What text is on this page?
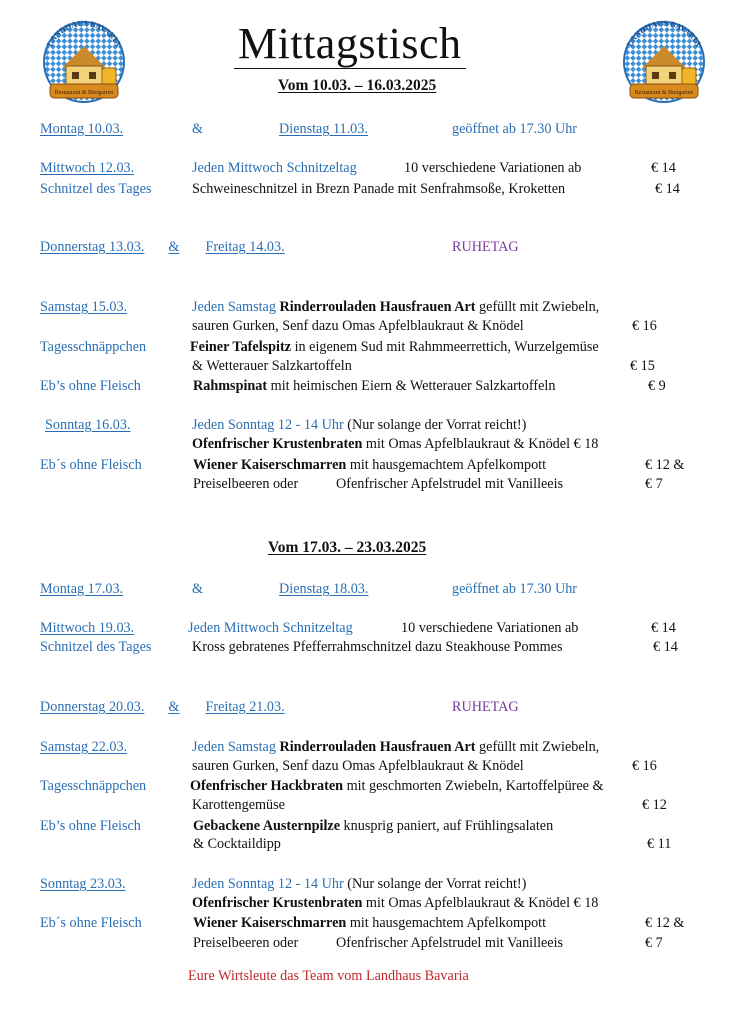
Restaurant & Biergarten
LANDHAUS BAVARIA
Restaurant & Biergarten
LANDHAUS BAVARIA
Mittagstisch
Vom 10.03. – 16.03.2025
Montag 10.03.	&	Dienstag 11.03.	geöffnet ab 17.30 Uhr
Mittwoch 12.03.	Jeden Mittwoch Schnitzeltag	10 verschiedene Variationen ab	€ 14
Schnitzel des Tages	Schweineschnitzel in Brezn Panade mit Senfrahmsoße, Kroketten	€ 14
Donnerstag 13.03. & Freitag 14.03.	RUHETAG
Samstag 15.03.	Jeden Samstag Rinderrouladen Hausfrauen Art gefüllt mit Zwiebeln,
sauren Gurken, Senf dazu Omas Apfelblaukraut & Knödel	€ 16
Tagesschnäppchen	Feiner Tafelspitz in eigenem Sud mit Rahmmeerrettich, Wurzelgemüse
& Wetterauer Salzkartoffeln	€ 15
Eb’s ohne Fleisch	Rahmspinat mit heimischen Eiern & Wetterauer Salzkartoffeln	€ 9
Sonntag 16.03.	Jeden Sonntag 12 - 14 Uhr (Nur solange der Vorrat reicht!)
Ofenfrischer Krustenbraten mit Omas Apfelblaukraut & Knödel € 18
Eb´s ohne Fleisch	Wiener Kaiserschmarren mit hausgemachtem Apfelkompott	€ 12 &
Preiselbeeren oder	Ofenfrischer Apfelstrudel mit Vanilleeis	€ 7
Vom 17.03. – 23.03.2025
Montag 17.03.	&	Dienstag 18.03.	geöffnet ab 17.30 Uhr
Mittwoch 19.03.	Jeden Mittwoch Schnitzeltag	10 verschiedene Variationen ab	€ 14
Schnitzel des Tages	Kross gebratenes Pfefferrahmschnitzel dazu Steakhouse Pommes	€ 14
Donnerstag 20.03. & Freitag 21.03.	RUHETAG
Samstag 22.03.	Jeden Samstag Rinderrouladen Hausfrauen Art gefüllt mit Zwiebeln,
sauren Gurken, Senf dazu Omas Apfelblaukraut & Knödel	€ 16
Tagesschnäppchen	Ofenfrischer Hackbraten mit geschmorten Zwiebeln, Kartoffelpüree &
Karottengemüse	€ 12
Eb’s ohne Fleisch	Gebackene Austernpilze knusprig paniert, auf Frühlingsalaten
& Cocktaildipp	€ 11
Sonntag 23.03.	Jeden Sonntag 12 - 14 Uhr (Nur solange der Vorrat reicht!)
Ofenfrischer Krustenbraten mit Omas Apfelblaukraut & Knödel € 18
Eb´s ohne Fleisch	Wiener Kaiserschmarren mit hausgemachtem Apfelkompott	€ 12 &
Preiselbeeren oder	Ofenfrischer Apfelstrudel mit Vanilleeis	€ 7
Eure Wirtsleute das Team vom Landhaus Bavaria
